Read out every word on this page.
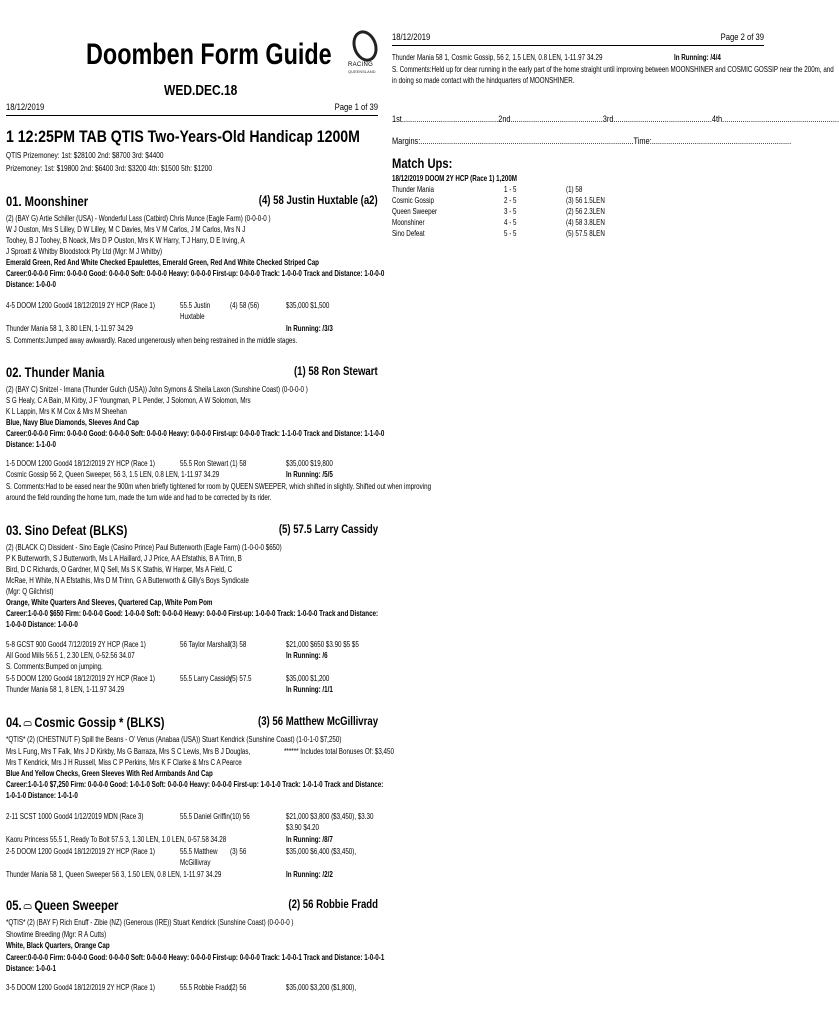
Doomben Form Guide	RACING
QUEENSLAND
WED.DEC.18
18/12/2019	Page 1 of 39
1 12:25PM TAB QTIS Two-Years-Old Handicap 1200M
QTIS Prizemoney: 1st: $28100 2nd: $8700 3rd: $4400
Prizemoney: 1st: $19800 2nd: $6400 3rd: $3200 4th: $1500 5th: $1200
01. Moonshiner	(4) 58 Justin Huxtable (a2)
(2) (BAY G) Artie Schiller (USA) - Wonderful Lass (Catbird) Chris Munce (Eagle Farm) (0-0-0-0 )
W J Ouston, Mrs S Lilley, D W Lilley, M C Davies, Mrs V M Carlos, J M Carlos, Mrs N J
Toohey, B J Toohey, B Noack, Mrs D P Ouston, Mrs K W Harry, T J Harry, D E Irving, A
J Sproatt & Whitby Bloodstock Pty Ltd (Mgr: M J Whitby)
Emerald Green, Red And White Checked Epaulettes, Emerald Green, Red And White Checked Striped Cap
Career:0-0-0-0 Firm: 0-0-0-0 Good: 0-0-0-0 Soft: 0-0-0-0 Heavy: 0-0-0-0 First-up: 0-0-0-0 Track: 1-0-0-0 Track and Distance: 1-0-0-0
Distance: 1-0-0-0
4-5 DOOM 1200 Good4 18/12/2019 2Y HCP (Race 1)	55.5 Justin
Huxtable
(4) 58 (56)	$35,000 $1,500
Thunder Mania 58 1, 3.80 LEN, 1-11.97 34.29	In Running: /3/3
S. Comments:Jumped away awkwardly. Raced ungenerously when being restrained in the middle stages.
02. Thunder Mania	(1) 58 Ron Stewart
(2) (BAY C) Snitzel - Imana (Thunder Gulch (USA)) John Symons & Sheila Laxon (Sunshine Coast) (0-0-0-0 )
S G Healy, C A Bain, M Kirby, J F Youngman, P L Pender, J Solomon, A W Solomon, Mrs
K L Lappin, Mrs K M Cox & Mrs M Sheehan
Blue, Navy Blue Diamonds, Sleeves And Cap
Career:0-0-0-0 Firm: 0-0-0-0 Good: 0-0-0-0 Soft: 0-0-0-0 Heavy: 0-0-0-0 First-up: 0-0-0-0 Track: 1-1-0-0 Track and Distance: 1-1-0-0
Distance: 1-1-0-0
1-5 DOOM 1200 Good4 18/12/2019 2Y HCP (Race 1)	55.5 Ron Stewart (1) 58	$35,000 $19,800
Cosmic Gossip 56 2, Queen Sweeper, 56 3, 1.5 LEN, 0.8 LEN, 1-11.97 34.29	In Running: /5/5
S. Comments:Had to be eased near the 900m when briefly tightened for room by QUEEN SWEEPER, which shifted in slightly. Shifted out when improving
around the field rounding the home turn, made the turn wide and had to be corrected by its rider.
03. Sino Defeat (BLKS)	(5) 57.5 Larry Cassidy
(2) (BLACK C) Dissident - Sino Eagle (Casino Prince) Paul Butterworth (Eagle Farm) (1-0-0-0 $650)
P K Butterworth, S J Butterworth, Ms L A Haillard, J J Price, A A Efstathis, B A Trinn, B
Bird, D C Richards, O Gardner, M Q Sell, Ms S K Stathis, W Harper, Ms A Field, C
McRae, H White, N A Efstathis, Mrs D M Trinn, G A Butterworth & Gilly's Boys Syndicate
(Mgr: Q Gilchrist)
Orange, White Quarters And Sleeves, Quartered Cap, White Pom Pom
Career:1-0-0-0 $650 Firm: 0-0-0-0 Good: 1-0-0-0 Soft: 0-0-0-0 Heavy: 0-0-0-0 First-up: 1-0-0-0 Track: 1-0-0-0 Track and Distance:
1-0-0-0 Distance: 1-0-0-0
5-8 GCST 900 Good4 7/12/2019 2Y HCP (Race 1)	56 Taylor Marshall (3) 58	$21,000 $650 $3.90 $5 $5
All Good Mills 56.5 1, 2.30 LEN, 0-52.56 34.07	In Running: /6
S. Comments:Bumped on jumping.
5-5 DOOM 1200 Good4 18/12/2019 2Y HCP (Race 1)	55.5 Larry Cassidy
(5) 57.5	$35,000 $1,200
Thunder Mania 58 1, 8 LEN, 1-11.97 34.29	In Running: /1/1
04. Cosmic Gossip * (BLKS)	(3) 56 Matthew McGillivray
*QTIS* (2) (CHESTNUT F) Spill the Beans - O' Venus (Anabaa (USA)) Stuart Kendrick (Sunshine Coast) (1-0-1-0 $7,250)
Mrs L Fung, Mrs T Falk, Mrs J D Kirkby, Ms G Barraza, Mrs S C Lewis, Mrs B J Douglas,	****** Includes total Bonuses Of: $3,450
Mrs T Kendrick, Mrs J H Russell, Miss C P Perkins, Mrs K F Clarke & Mrs C A Pearce
Blue And Yellow Checks, Green Sleeves With Red Armbands And Cap
Career:1-0-1-0 $7,250 Firm: 0-0-0-0 Good: 1-0-1-0 Soft: 0-0-0-0 Heavy: 0-0-0-0 First-up: 1-0-1-0 Track: 1-0-1-0 Track and Distance:
1-0-1-0 Distance: 1-0-1-0
2-11 SCST 1000 Good4 1/12/2019 MDN (Race 3)	55.5 Daniel Griffin (10) 56	$21,000 $3,800 ($3,450), $3.30
$3.90 $4.20
Kaoru Princess 55.5 1, Ready To Bolt 57.5 3, 1.30 LEN, 1.0 LEN, 0-57.58 34.28	In Running: /8/7
2-5 DOOM 1200 Good4 18/12/2019 2Y HCP (Race 1)	55.5 Matthew
McGillivray
(3) 56	$35,000 $6,400 ($3,450),
Thunder Mania 58 1, Queen Sweeper 56 3, 1.50 LEN, 0.8 LEN, 1-11.97 34.29	In Running: /2/2
05. Queen Sweeper	(2) 56 Robbie Fradd
*QTIS* (2) (BAY F) Rich Enuff - Zibie (NZ) (Generous (IRE)) Stuart Kendrick (Sunshine Coast) (0-0-0-0 )
Showtime Breeding (Mgr: R A Cutts)
White, Black Quarters, Orange Cap
Career:0-0-0-0 Firm: 0-0-0-0 Good: 0-0-0-0 Soft: 0-0-0-0 Heavy: 0-0-0-0 First-up: 0-0-0-0 Track: 1-0-0-1 Track and Distance: 1-0-0-1
Distance: 1-0-0-1
3-5 DOOM 1200 Good4 18/12/2019 2Y HCP (Race 1)	55.5 Robbie Fradd
(2) 56	$35,000 $3,200 ($1,800),
18/12/2019	Page 2 of 39
Thunder Mania 58 1, Cosmic Gossip, 56 2, 1.5 LEN, 0.8 LEN, 1-11.97 34.29	In Running: /4/4
S. Comments:Held up for clear running in the early part of the home straight until improving between MOONSHINER and COSMIC GOSSIP near the 200m, and
in doing so made contact with the hindquarters of MOONSHINER.
1st...............................................2nd.............................................3rd................................................4th.........................................................
Margins:........................................................................................................Time:....................................................................
Match Ups:
18/12/2019 DOOM 2Y HCP (Race 1) 1,200M
Thunder Mania	1 - 5	(1) 58
Cosmic Gossip	2 - 5	(3) 56 1.5LEN
Queen Sweeper	3 - 5	(2) 56 2.3LEN
Moonshiner	4 - 5	(4) 58 3.8LEN
Sino Defeat	5 - 5	(5) 57.5 8LEN
